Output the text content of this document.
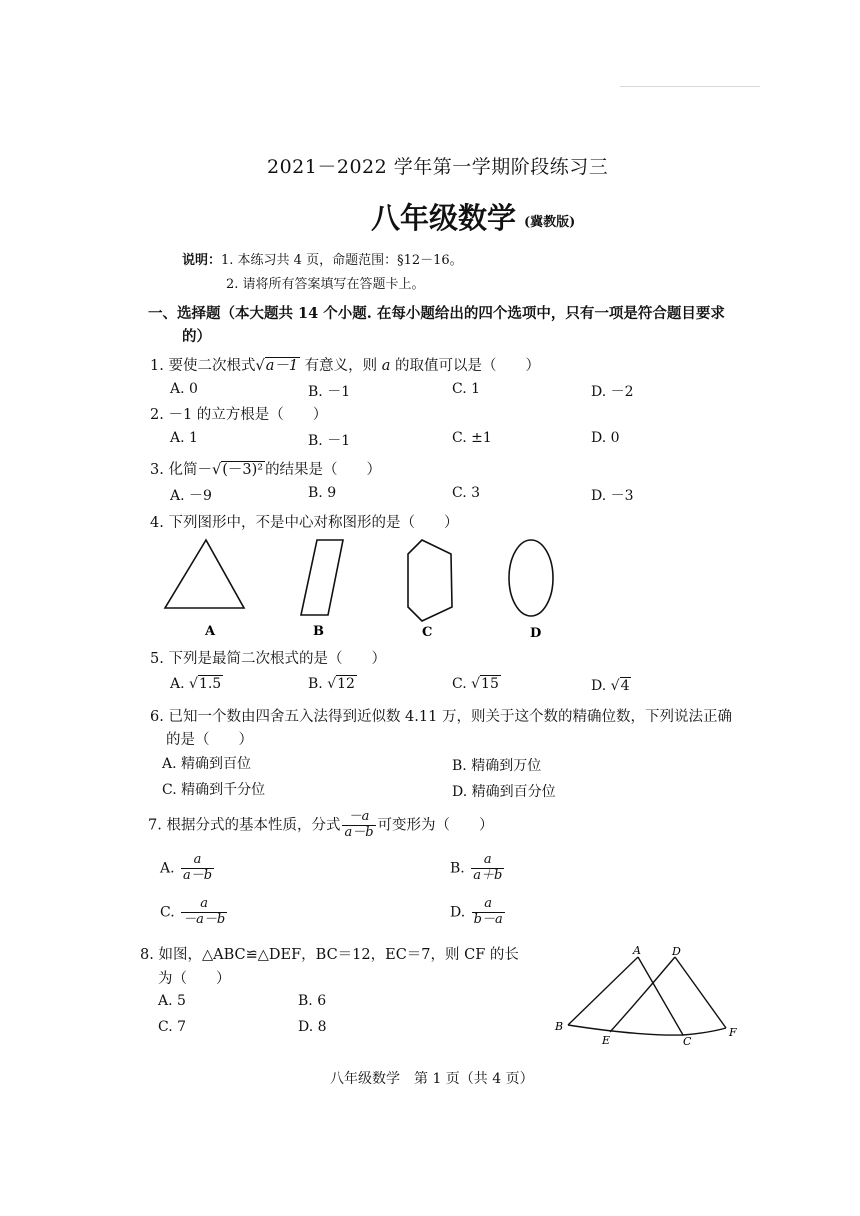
2021－2022 学年第一学期阶段练习三
八年级数学 (冀教版)
说明：1. 本练习共 4 页，命题范围：§12－16。
2. 请将所有答案填写在答题卡上。
一、选择题（本大题共 14 个小题. 在每小题给出的四个选项中，只有一项是符合题目要求
的）
1. 要使二次根式√a－1 有意义，则 a 的取值可以是（　　）
A. 0	B. －1	C. 1	D. －2
2. －1 的立方根是（　　）
A. 1	B. －1	C. ±1	D. 0
3. 化简－√(－3)² 的结果是（　　）
A. －9	B. 9	C. 3	D. －3
4. 下列图形中，不是中心对称图形的是（　　）
A	B	C	D
5. 下列是最简二次根式的是（　　）
A. √1.5	B. √12	C. √15	D. √4
6. 已知一个数由四舍五入法得到近似数 4.11 万，则关于这个数的精确位数，下列说法正确
的是（　　）
A. 精确到百位	B. 精确到万位
C. 精确到千分位	D. 精确到百分位
7. 根据分式的基本性质，分式 $\frac{-a}{a-b}$ 可变形为（　　）
A. $\frac{a}{a-b}$	B. $\frac{a}{a+b}$
C. $\frac{a}{-a-b}$	D. $\frac{a}{b-a}$
8. 如图，△ABC≌△DEF，BC＝12，EC＝7，则 CF 的长
为（　　）
A. 5	B. 6
C. 7	D. 8
A	D
B
E	C
F
八年级数学　第 1 页（共 4 页）
